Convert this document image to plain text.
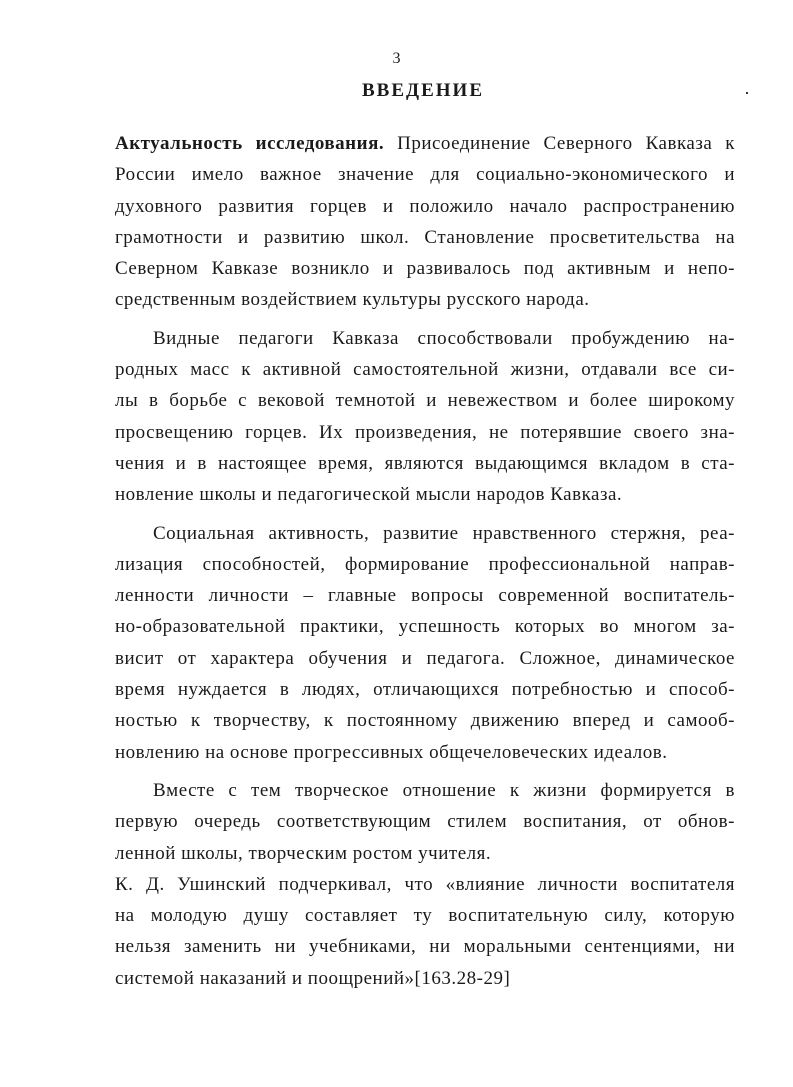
3
ВВЕДЕНИЕ
Актуальность исследования. Присоединение Северного Кавказа к
России имело важное значение для социально-экономического и
духовного развития горцев и положило начало распространению
грамотности и развитию школ. Становление просветительства на
Северном Кавказе возникло и развивалось под активным и непо-
средственным воздействием культуры русского народа.
Видные педагоги Кавказа способствовали пробуждению на-
родных масс к активной самостоятельной жизни, отдавали все си-
лы в борьбе с вековой темнотой и невежеством и более широкому
просвещению горцев. Их произведения, не потерявшие своего зна-
чения и в настоящее время, являются выдающимся вкладом в ста-
новление школы и педагогической мысли народов Кавказа.
Социальная активность, развитие нравственного стержня, реа-
лизация способностей, формирование профессиональной направ-
ленности личности – главные вопросы современной воспитатель-
но-образовательной практики, успешность которых во многом за-
висит от характера обучения и педагога. Сложное, динамическое
время нуждается в людях, отличающихся потребностью и способ-
ностью к творчеству, к постоянному движению вперед и самооб-
новлению на основе прогрессивных общечеловеческих идеалов.
Вместе с тем творческое отношение к жизни формируется в
первую очередь соответствующим стилем воспитания, от обнов-
ленной школы, творческим ростом учителя.
К. Д. Ушинский подчеркивал, что «влияние личности воспитателя
на молодую душу составляет ту воспитательную силу, которую
нельзя заменить ни учебниками, ни моральными сентенциями, ни
системой наказаний и поощрений»[163.28-29]
